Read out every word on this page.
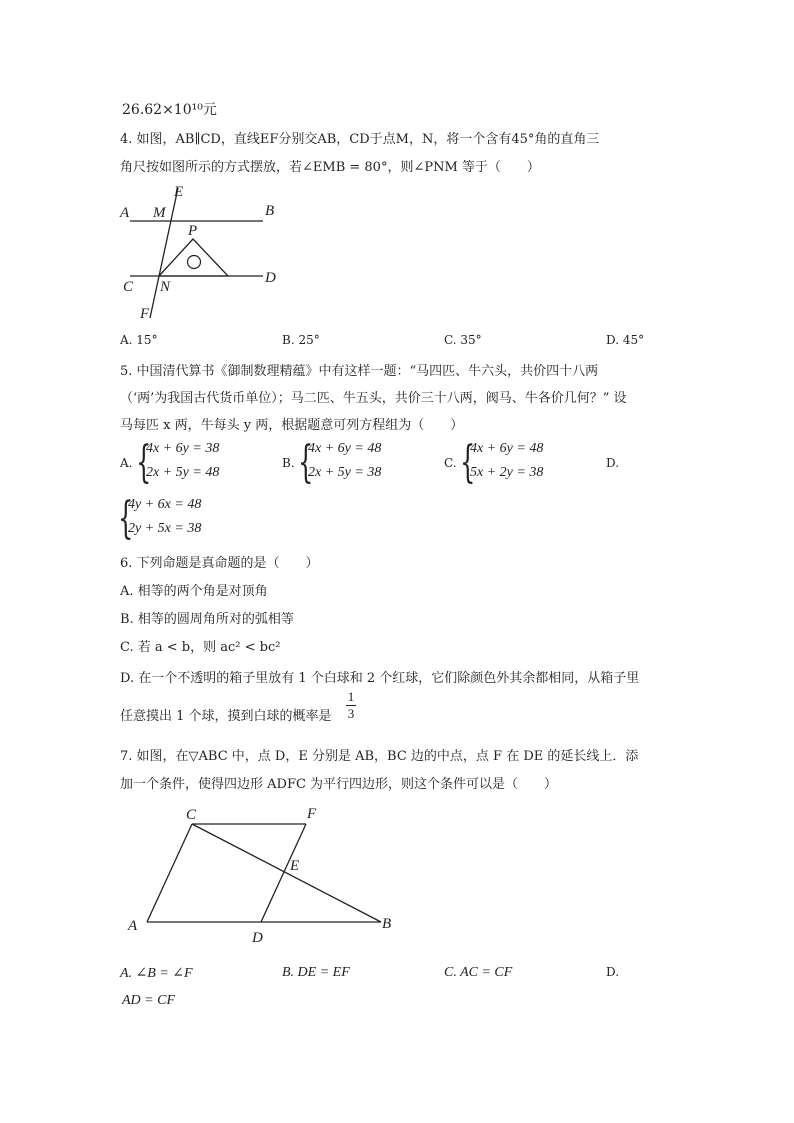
26.62×10¹⁰元
4. 如图，AB∥CD，直线EF分别交AB，CD于点M，N，将一个含有45°角的直角三
角尺按如图所示的方式摆放，若∠EMB = 80°，则∠PNM 等于（　　）
A M
E
B
P
C N
D
F
A. 15°	B. 25°	C. 35°	D. 45°
5. 中国清代算书《御制数理精蕴》中有这样一题：“马四匹、牛六头，共价四十八两
（‘两’为我国古代货币单位）；马二匹、牛五头，共价三十八两，阀马、牛各价几何？” 设
马每匹 x 两，牛每头 y 两，根据题意可列方程组为（　　）
A. {
4x + 6y = 38
2x + 5y = 48
B. {
4x + 6y = 48
2x + 5y = 38
C. {
4x + 6y = 48
5x + 2y = 38
D.
{
4y + 6x = 48
2y + 5x = 38
6. 下列命题是真命题的是（　　）
A. 相等的两个角是对顶角
B. 相等的圆周角所对的弧相等
C. 若 a < b，则 ac² < bc²
D. 在一个不透明的箱子里放有 1 个白球和 2 个红球，它们除颜色外其余都相同，从箱子里
任意摸出 1 个球，摸到白球的概率是
1
3
7. 如图，在▽ABC 中，点 D，E 分别是 AB，BC 边的中点，点 F 在 DE 的延长线上．添
加一个条件，使得四边形 ADFC 为平行四边形，则这个条件可以是（　　）
C	F
E
A
D
B
A. ∠B = ∠F	B. DE = EF	C. AC = CF	D.
AD = CF
